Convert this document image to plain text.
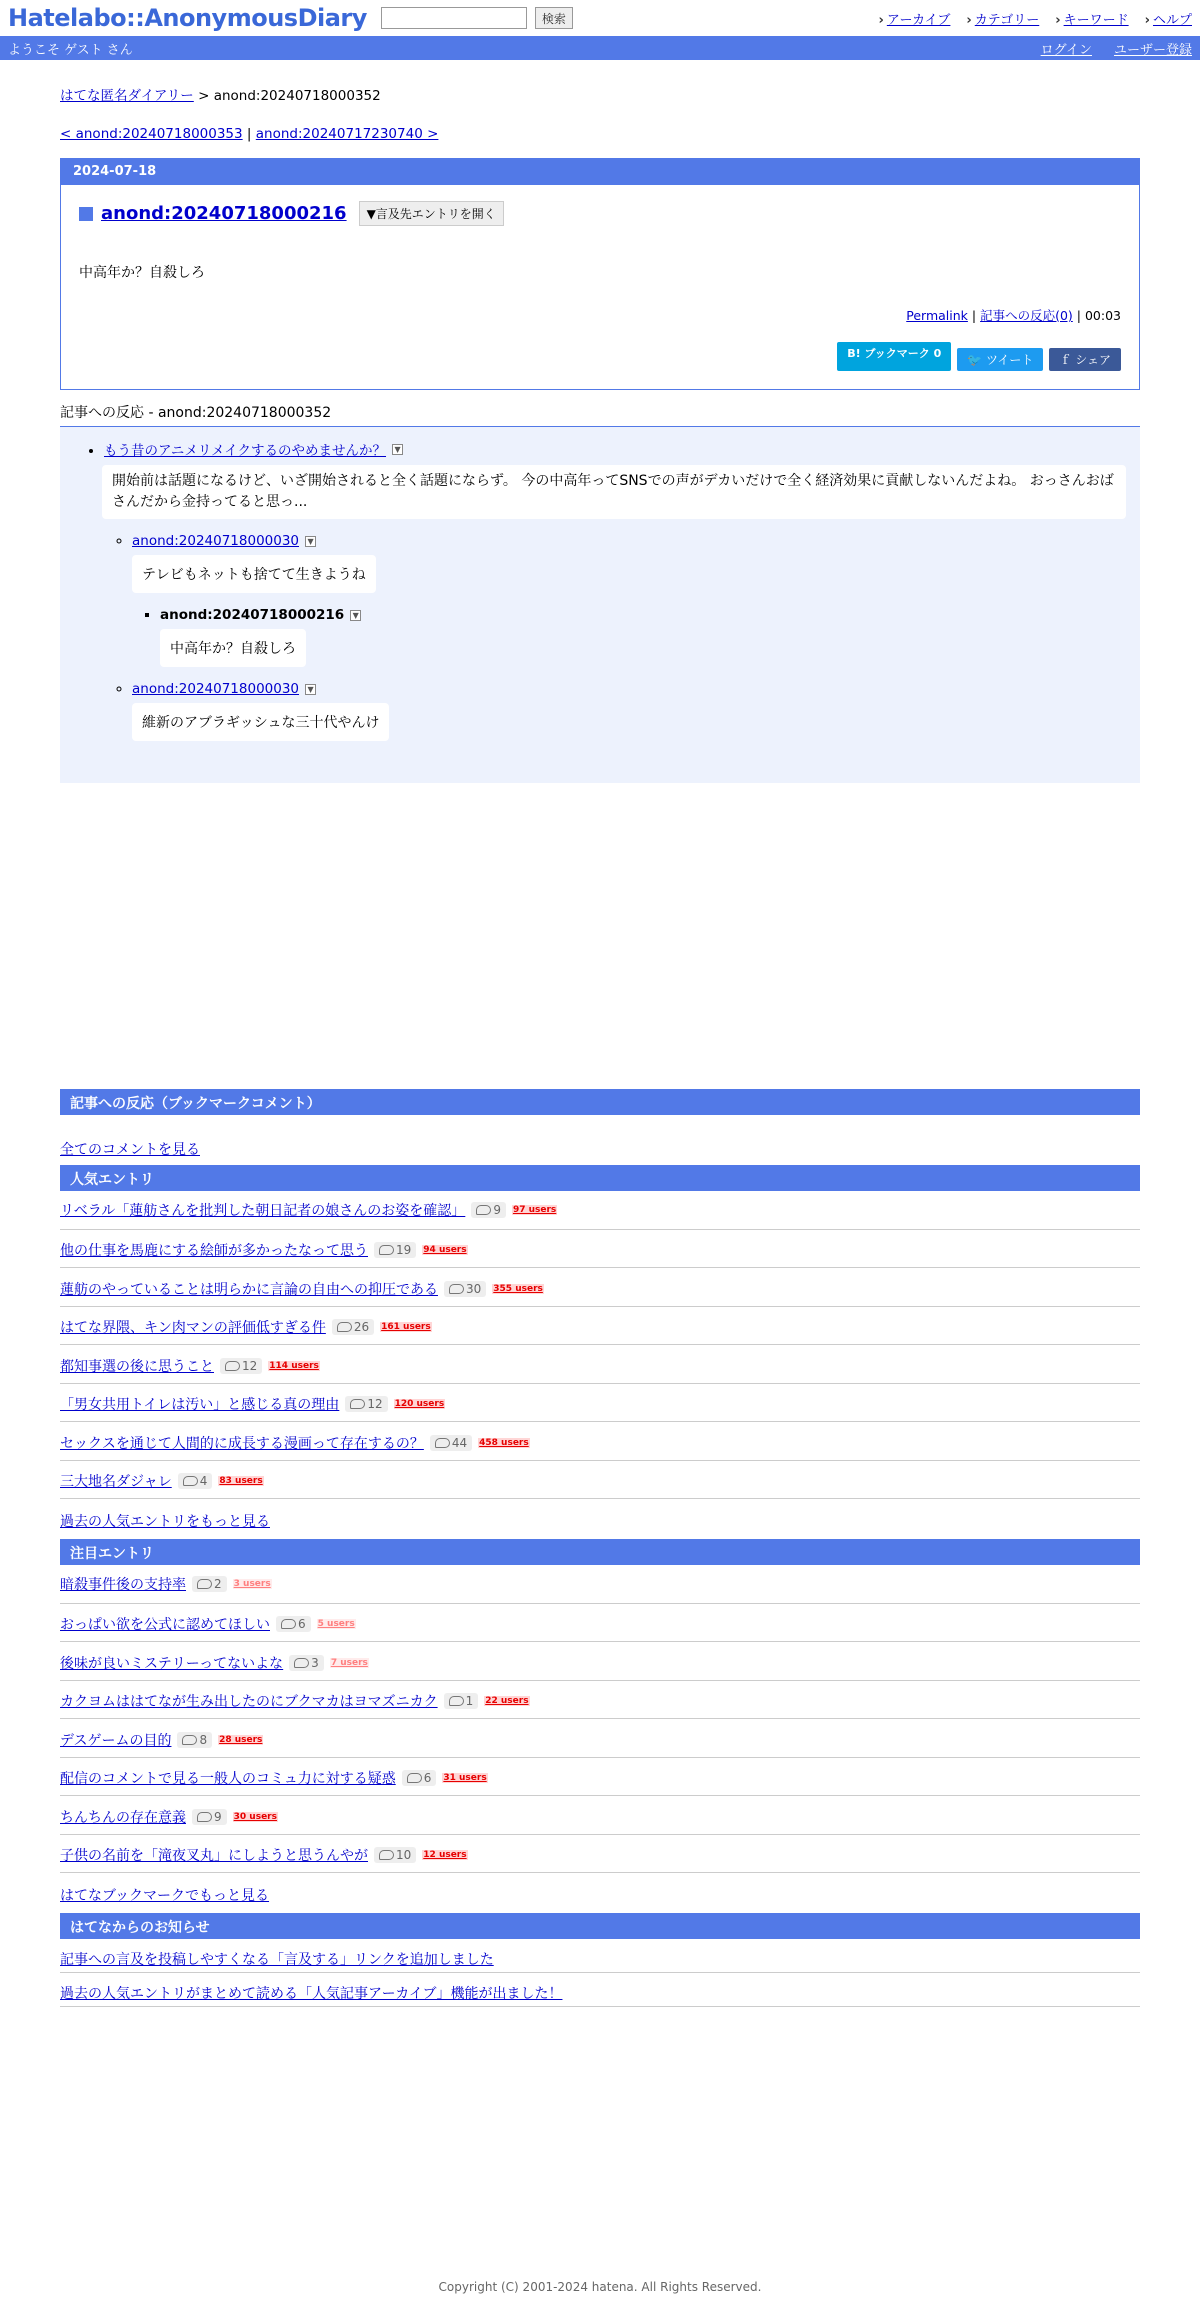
Hatelabo::AnonymousDiary	検索	› アーカイブ	› カテゴリー	› キーワード	› ヘルプ
ようこそ ゲスト さん	ログイン ユーザー登録
はてな匿名ダイアリー > anond:20240718000352
< anond:20240718000353 | anond:20240717230740 >
2024-07-18
anond:20240718000216	▼言及先エントリを開く
中高年か？自殺しろ
Permalink | 記事への反応(0) | 00:03
B! ブックマーク 0	🐦 ツイート	ｆ シェア
記事への反応 - anond:20240718000352
• もう昔のアニメリメイクするのやめませんか？	▼
開始前は話題になるけど、いざ開始されると全く話題にならず。 今の中高年ってSNSでの声がデカいだけで全く経済効果に貢献しないんだよね。 おっさんおばさんだから金持ってると思っ...
◦ anond:20240718000030	▼
テレビもネットも捨てて生きようね
▪ anond:20240718000216	▼
中高年か？自殺しろ
◦ anond:20240718000030	▼
維新のアブラギッシュな三十代やんけ
記事への反応（ブックマークコメント）
全てのコメントを見る
人気エントリ
リベラル「蓮舫さんを批判した朝日記者の娘さんのお姿を確認」 9 97 users
他の仕事を馬鹿にする絵師が多かったなって思う 19 94 users
蓮舫のやっていることは明らかに言論の自由への抑圧である 30 355 users
はてな界隈、キン肉マンの評価低すぎる件 26 161 users
都知事選の後に思うこと 12 114 users
「男女共用トイレは汚い」と感じる真の理由 12 120 users
セックスを通じて人間的に成長する漫画って存在するの？ 44 458 users
三大地名ダジャレ 4 83 users
過去の人気エントリをもっと見る
注目エントリ
暗殺事件後の支持率 2 3 users
おっぱい欲を公式に認めてほしい 6 5 users
後味が良いミステリーってないよな 3 7 users
カクヨムははてなが生み出したのにブクマカはヨマズニカク 1 22 users
デスゲームの目的 8 28 users
配信のコメントで見る一般人のコミュ力に対する疑惑 6 31 users
ちんちんの存在意義 9 30 users
子供の名前を「滝夜叉丸」にしようと思うんやが 10 12 users
はてなブックマークでもっと見る
はてなからのお知らせ
記事への言及を投稿しやすくなる「言及する」リンクを追加しました
過去の人気エントリがまとめて読める「人気記事アーカイブ」機能が出ました！
Copyright (C) 2001-2024 hatena. All Rights Reserved.
